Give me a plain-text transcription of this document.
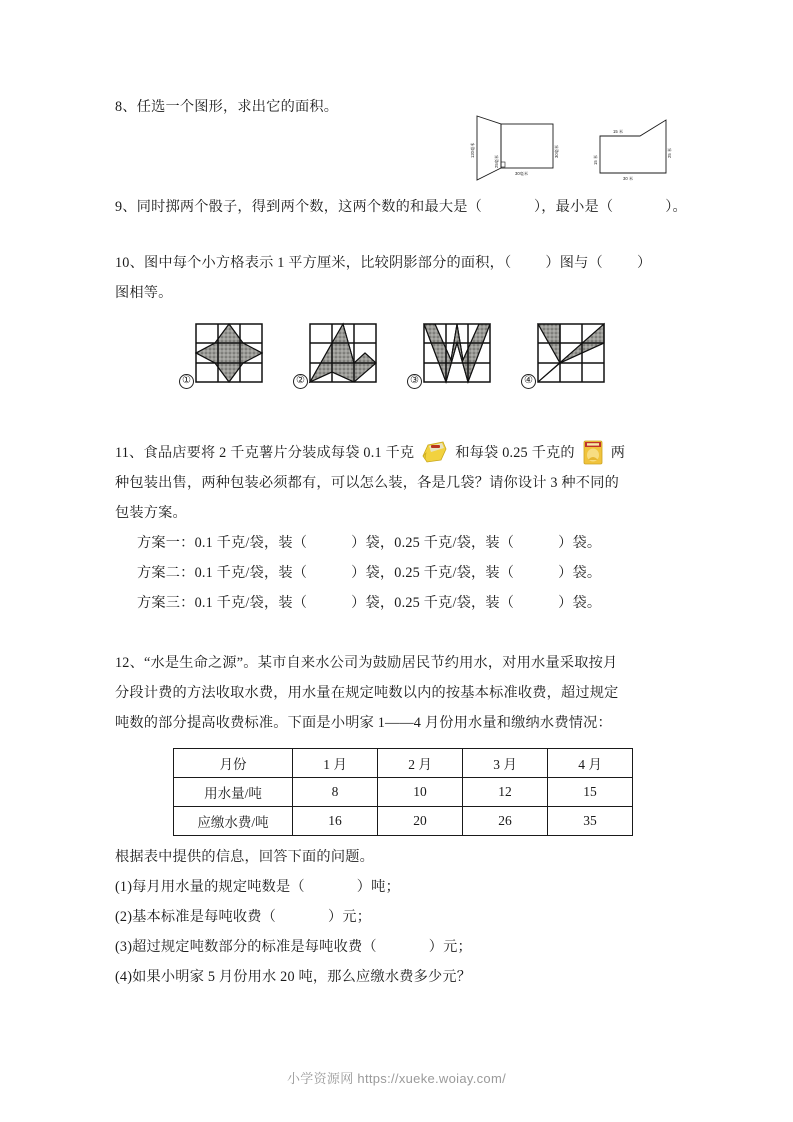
8、任选一个图形，求出它的面积。
120毫米
25毫米
30毫米
30毫米
15 米
15 米
25 米
30 米
9、同时掷两个骰子，得到两个数，这两个数的和最大是（	），最小是（	）。
10、图中每个小方格表示 1 平方厘米，比较阴影部分的面积，（ ）图与（ ）
图相等。
①	②	③	④
11、食品店要将 2 千克薯片分装成每袋 0.1 千克	和每袋 0.25 千克的	两
种包装出售，两种包装必须都有，可以怎么装，各是几袋？请你设计 3 种不同的
包装方案。
方案一：0.1 千克/袋，装（	）袋，0.25 千克/袋，装（	）袋。
方案二：0.1 千克/袋，装（	）袋，0.25 千克/袋，装（	）袋。
方案三：0.1 千克/袋，装（	）袋，0.25 千克/袋，装（	）袋。
12、“水是生命之源”。某市自来水公司为鼓励居民节约用水，对用水量采取按月
分段计费的方法收取水费，用水量在规定吨数以内的按基本标准收费，超过规定
吨数的部分提高收费标准。下面是小明家 1——4 月份用水量和缴纳水费情况：
月份	1 月	2 月	3 月	4 月
用水量/吨	8	10	12	15
应缴水费/吨	16	20	26	35
根据表中提供的信息，回答下面的问题。
(1)每月用水量的规定吨数是（	）吨；
(2)基本标准是每吨收费（	）元；
(3)超过规定吨数部分的标准是每吨收费（	）元；
(4)如果小明家 5 月份用水 20 吨，那么应缴水费多少元？
小学资源网 https://xueke.woiay.com/
